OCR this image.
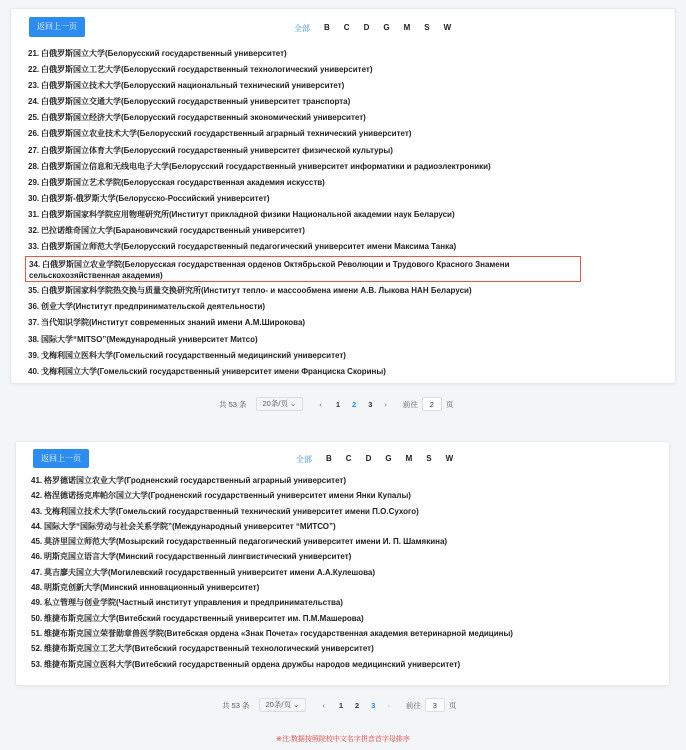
返回上一页	全部 B C D G M S W
21. 白俄罗斯国立大学(Белорусский государственный университет)
22. 白俄罗斯国立工艺大学(Белорусский государственный технологический университет)
23. 白俄罗斯国立技术大学(Белорусский национальный технический университет)
24. 白俄罗斯国立交通大学(Белорусский государственный университет транспорта)
25. 白俄罗斯国立经济大学(Белорусский государственный экономический университет)
26. 白俄罗斯国立农业技术大学(Белорусский государственный аграрный технический университет)
27. 白俄罗斯国立体育大学(Белорусский государственный университет физической культуры)
28. 白俄罗斯国立信息和无线电电子大学(Белорусский государственный университет информатики и радиоэлектроники)
29. 白俄罗斯国立艺术学院(Белорусская государственная академия искусств)
30. 白俄罗斯-俄罗斯大学(Белорусско-Российский университет)
31. 白俄罗斯国家科学院应用物理研究所(Институт прикладной физики Национальной академии наук Беларуси)
32. 巴拉诺维奇国立大学(Барановичский государственный университет)
33. 白俄罗斯国立师范大学(Белорусский государственный педагогический университет имени Максима Танка)
34. 白俄罗斯国立农业学院(Белорусская государственная орденов Октябрьской Революции и Трудового Красного Знамени сельскохозяйственная академия)
35. 白俄罗斯国家科学院热交换与质量交换研究所(Институт тепло- и массообмена имени А.В. Лыкова НАН Беларуси)
36. 创业大学(Институт предпринимательской деятельности)
37. 当代知识学院(Институт современных знаний имени А.М.Широкова)
38. 国际大学“MITSO”(Международный университет Митсо)
39. 戈梅利国立医科大学(Гомельский государственный медицинский университет)
40. 戈梅利国立大学(Гомельский государственный университет имени Франциска Скорины)
共 53 条	20条/页 ⌄	‹ 1 2 3 › 前往
2	页
返回上一页	全部 B C D G M S W
41. 格罗德诺国立农业大学(Гродненский государственный аграрный университет)
42. 格涅德诺扬克库帕尔国立大学(Гродненский государственный университет имени Янки Купалы)
43. 戈梅利国立技术大学(Гомельский государственный технический университет имени П.О.Сухого)
44. 国际大学“国际劳动与社会关系学院”(Международный университет “МИТСО”)
45. 莫济里国立师范大学(Мозырский государственный педагогический университет имени И. П. Шамякина)
46. 明斯克国立语言大学(Минский государственный лингвистический университет)
47. 莫吉廖夫国立大学(Могилевский государственный университет имени А.А.Кулешова)
48. 明斯克创新大学(Минский инновационный университет)
49. 私立管理与创业学院(Частный институт управления и предпринимательства)
50. 维捷布斯克国立大学(Витебский государственный университет им. П.М.Машерова)
51. 维捷布斯克国立荣誉勋章兽医学院(Витебская ордена «Знак Почета» государственная академия ветеринарной медицины)
52. 维捷布斯克国立工艺大学(Витебский государственный технологический университет)
53. 维捷布斯克国立医科大学(Витебский государственный ордена дружбы народов медицинский университет)
共 53 条	20条/页 ⌄	‹ 1 2 3 › 前往
3	页
※注:数据按照院校中文名字拼音首字母排序
